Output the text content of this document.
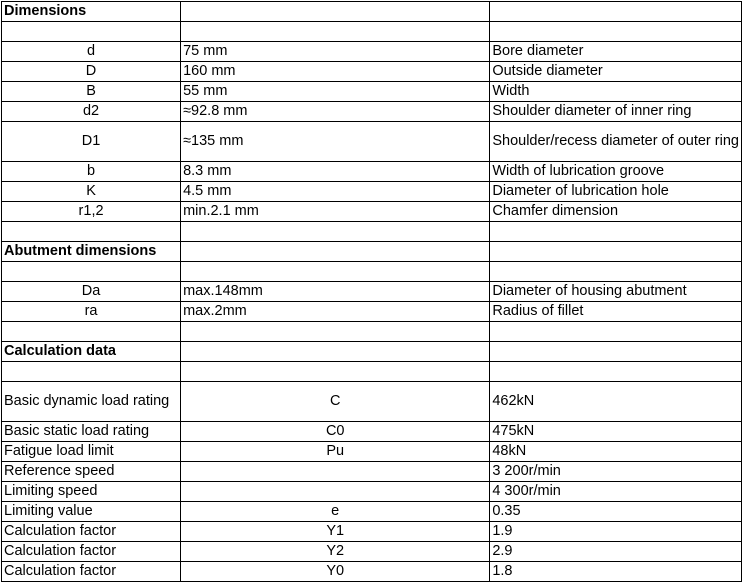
Dimensions		

d	75 mm	Bore diameter
D	160 mm	Outside diameter
B	55 mm	Width
d2	≈92.8 mm	Shoulder diameter of inner ring
D1	≈135 mm	Shoulder/recess diameter of outer ring
b	8.3 mm	Width of lubrication groove
K	4.5 mm	Diameter of lubrication hole
r1,2	min.2.1 mm	Chamfer dimension

Abutment dimensions		

Da	max.148mm	Diameter of housing abutment
ra	max.2mm	Radius of fillet

Calculation data		

Basic dynamic load rating	C	462kN
Basic static load rating	C0	475kN
Fatigue load limit	Pu	48kN
Reference speed		3 200r/min
Limiting speed		4 300r/min
Limiting value	e	0.35
Calculation factor	Y1	1.9
Calculation factor	Y2	2.9
Calculation factor	Y0	1.8
